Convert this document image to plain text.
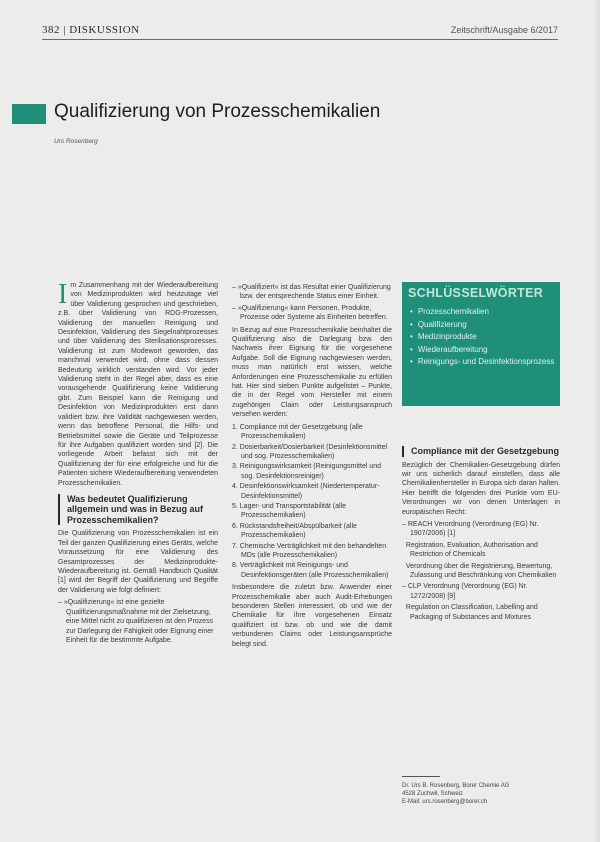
382 | DISKUSSION	Zeitschrift/Ausgabe 6/2017
Qualifizierung von Prozesschemikalien
Urs Rosenberg

Im Zusammenhang mit der Wiederaufbereitung von Medizinprodukten wird heutzutage viel über Validierung gesprochen und geschrieben, z.B. über Validierung von RDG-Prozessen, Validierung der manuellen Reinigung und Desinfektion, Validierung des Siegelnahtprozesses und über Validierung des Sterilisationsprozesses. Validierung ist zum Modewort geworden, das manchmal verwendet wird, ohne dass dessen Bedeutung wirklich verstanden wird. Vor jeder Validierung steht in der Regel aber, dass es eine vorausgehende Qualifizierung keine Validierung gibt. Zum Beispiel kann die Reinigung und Desinfektion von Medizinprodukten erst dann validiert bzw. ihre Validität nachgewiesen werden, wenn das betroffene Personal, die Hilfs- und Betriebsmittel sowie die Geräte und Teilprozesse für ihre Aufgaben qualifiziert worden sind [2]. Die vorliegende Arbeit befasst sich mit der Qualifizierung der für eine erfolgreiche und für die Patienten sichere Wiederaufbereitung verwendeten Prozesschemikalien.

Was bedeutet Qualifizierung allgemein und was in Bezug auf Prozesschemikalien?

Die Qualifizierung von Prozesschemikalien ist ein Teil der ganzen Qualifizierung eines Geräts, welche Voraussetzung für eine Validierung des Gesamtprozesses der Medizinprodukte-Wiederaufbereitung ist. Gemäß Handbuch Qualität [1] wird der Begriff der Qualifizierung und Begriffe der Validierung wie folgt definiert:

– »Qualifizierung« ist eine gezielte Qualifizierungsmaßnahme mit der Zielsetzung, eine Mittel nicht zu qualifizieren ist den Prozess zur Darlegung der Fähigkeit oder Eignung einer Einheit für die bestimmte Aufgabe.
– »Qualifiziert« ist das Resultat einer Qualifizierung bzw. der entsprechende Status einer Einheit.
– »Qualifizierung« kann Personen, Produkte, Prozesse oder Systeme als Einheiten betreffen.

In Bezug auf eine Prozesschemikalie beinhaltet die Qualifizierung also die Darlegung bzw. den Nachweis ihrer Eignung für die vorgesehene Aufgabe. Soll die Eignung nachgewiesen werden, muss man natürlich erst wissen, welche Anforderungen eine Prozesschemikalie zu erfüllen hat. Hier sind sieben Punkte aufgelistet – Punkte, die in der Regel vom Hersteller mit einem zugehörigen Claim oder Leistungsanspruch versehen werden:

1. Compliance mit der Gesetzgebung (alle Prozesschemikalien)
2. Dosierbarkeit/Dosierbarkeit (Desinfektionsmittel und sog. Prozesschemikalien)
3. Reinigungswirksamkeit (Reinigungsmittel und sog. Desinfektionsreiniger)
4. Desinfektionswirksamkeit (Niedertemperatur-Desinfektionsmittel)
5. Lager- und Transportstabilität (alle Prozesschemikalien)
6. Rückstandsfreiheit/Abspülbarkeit (alle Prozesschemikalien)
7. Chemische Verträglichkeit mit den behandelten MDs (alle Prozesschemikalien)
8. Verträglichkeit mit Reinigungs- und Desinfektionsgeräten (alle Prozesschemikalien)

Insbesondere die zuletzt bzw. Anwender einer Prozesschemikalie aber auch Audit-Erhebungen besonderen Stellen interessiert, ob und wie der Chemikalie für ihre vorgesehenen Einsatz qualifiziert ist bzw. ob und wie die damit verbundenen Claims oder Leistungsansprüche belegt sind.

SCHLÜSSELWÖRTER
• Prozesschemikalien
• Qualifizierung
• Medizinprodukte
• Wiederaufbereitung
• Reinigungs- und Desinfektionsprozess
Compliance mit der Gesetzgebung

Bezüglich der Chemikalien-Gesetzgebung dürfen wir uns sicherlich darauf einstellen, dass alle Chemikalienhersteller in Europa sich daran halten. Hier betrifft die folgenden drei Punkte vom EU-Verordnungen wir von denen Unterlagen in europäischen Recht:

– REACH Verordnung (Verordnung (EG) Nr. 1907/2006) [1]
Registration, Evaluation, Authorisation and Restriction of Chemicals
Verordnung über die Registrierung, Bewertung, Zulassung und Beschränkung von Chemikalien
– CLP Verordnung (Verordnung (EG) Nr. 1272/2008) [9]
Regulation on Classification, Labelling and Packaging of Substances and Mixtures
Dr. Urs B. Rosenberg, Borer Chemie AG
4528 Zuchwil, Schweiz
E-Mail: urs.rosenberg@borer.ch
